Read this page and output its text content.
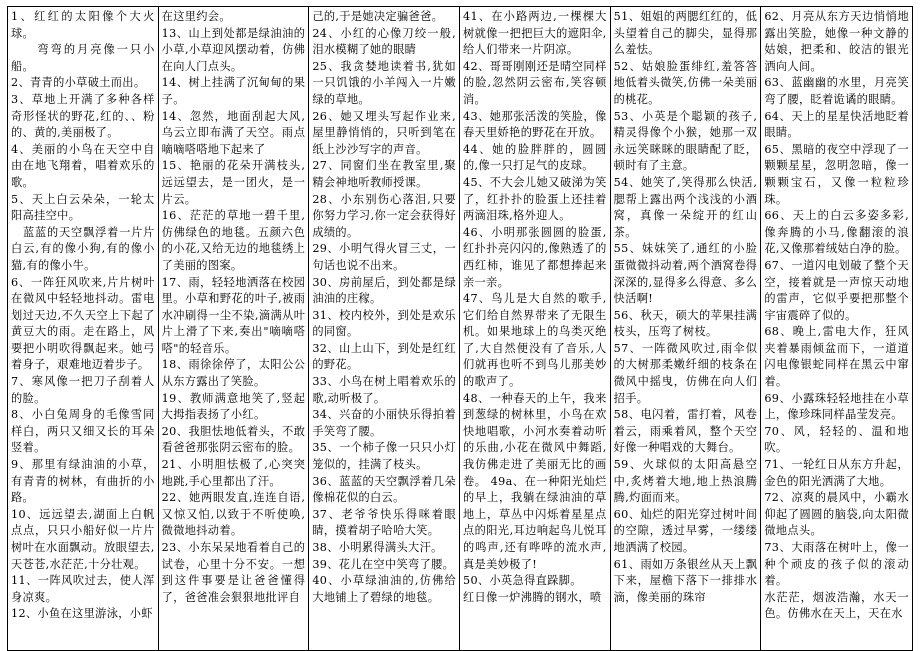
1、红红的太阳像个大火球。

　　弯弯的月亮像一只小船。

2、青青的小草破土而出。

3、草地上开满了多种各样奇形怪状的野花,红的、、粉的、黄的,美丽极了。

4、美丽的小鸟在天空中自由在地飞翔着，唱着欢乐的歌。

5、天上白云朵朵，一轮太阳高挂空中。

　蓝蓝的天空飘浮着一片片白云,有的像小狗,有的像小猫,有的像小牛。

6、一阵狂风吹来,片片树叶在微风中轻轻地抖动。雷电划过天边,不久天空上下起了黄豆大的雨。走在路上，风要把小明吹得飘起来。她弓着身子，艰难地迈着步子。

7、寒风像一把刀子刮着人的脸。

8、小白兔周身的毛像雪同样白，两只又细又长的耳朵竖着。

9、那里有绿油油的小草，有青青的树林，有曲折的小路。

10、远远望去,湖面上白帆点点，只只小船好似一片片树叶在水面飘动。放眼望去,天苍苍,水茫茫,十分壮观。

11、一阵风吹过去，使人浑身凉爽。

12、小鱼在这里游泳，小虾

在这里约会。

13、山上到处都是绿油油的小草,小草迎风摆动着，仿佛在向人门点头。

14、树上挂满了沉甸甸的果子。

14、忽然，地面刮起大风,乌云立即布满了天空。雨点嘀嘀嗒嗒地下起来了

15、艳丽的花朵开满枝头,远远望去，是一团火，是一片云。

16、茫茫的草地一碧千里,仿佛绿色的地毯。五颜六色的小花,又给无边的地毯绣上了美丽的图案。

17、雨，轻轻地洒落在校园里。小草和野花的叶子,被雨水冲刷得一尘不染,滴满从叶片上滑了下来,奏出"嘀嘀嗒嗒"的轻音乐。

18、雨徐徐停了，太阳公公从东方露出了笑脸。

19、教师满意地笑了,竖起大拇指表扬了小红。

20、我胆怯地低着头，不敢看爸爸那张阴云密布的脸。

21、小明胆怯极了,心突突地跳,手心里都出了汗。

22、她两眼发直,连连自语,又惊又怕,以致于不听使唤,微微地抖动着。

23、小东呆呆地看着自己的试卷，心里十分不安。一想到这件事要是让爸爸懂得了，爸爸准会狠狠地批评自

己的,于是她决定骗爸爸。

24、小红的心像刀绞一般,泪水模糊了她的眼睛

25、我贪婪地读着书,犹如一只饥饿的小羊闯入一片嫩绿的草地。

26、她又埋头写起作业来,屋里静悄悄的，只听到笔在纸上沙沙写字的声音。

27、同窗们坐在教室里,聚精会神地听教师授课。

28、小东别伤心落泪,只要你努力学习,你一定会获得好成绩的。

29、小明气得火冒三丈，一句话也说不出来。

30、房前屋后，到处都是绿油油的庄稼。

31、校内校外，到处是欢乐的同窗。

32、山上山下，到处是红红的野花。

33、小鸟在树上唱着欢乐的歌,动听极了。

34、兴奋的小丽快乐得拍着手笑弯了腰。

35、一个柿子像一只只小灯笼似的，挂满了枝头。

36、蓝蓝的天空飘浮着几朵像棉花似的白云。

37、老爷爷快乐得咪着眼睛，摸着胡子哈哈大笑。

38、小明累得满头大汗。

39、花儿在空中笑弯了腰。

40、小草绿油油的,仿佛给大地铺上了碧绿的地毯。

41、在小路两边,一棵棵大树就像一把把巨大的遮阳伞,给人们带来一片阴凉。

42、哥哥刚刚还是晴空同样的脸,忽然阴云密布,笑容顿消。

43、她那张活泼的笑脸，像春天里娇艳的野花在开放。

44、她的脸胖胖的，圆圆的,像一只打足气的皮球。

45、不大会儿她又破涕为笑了，红扑扑的脸蛋上还挂着两滴泪珠,格外迎人。

46、小明那张圆圆的脸蛋,红扑扑亮闪闪的,像熟透了的西红柿，谁见了都想捧起来亲一亲。

47、鸟儿是大自然的歌手,它们给自然界带来了无限生机。如果地球上的鸟类灭绝了,大自然便没有了音乐,人们就再也听不到鸟儿那美妙的歌声了。

48、一种春天的上午，我来到葱绿的树林里，小鸟在欢快地唱歌，小河水奏着动听的乐曲,小花在微风中舞蹈,我仿佛走进了美丽无比的画卷。 49a、在一种阳光灿烂的早上，我躺在绿油油的草地上，草丛中闪烁着星星点点的阳光,耳边响起鸟儿悦耳的鸣声,还有哗哗的流水声,真是美妙极了!

50、小英急得直跺脚。

红日像一炉沸腾的钢水，喷

51、姐姐的两腮红红的，低头望着自己的脚尖，显得那么羞怯。

52、姑娘脸蛋绯红,羞答答地低着头微笑,仿佛一朵美丽的桃花。

53、小英是个聪颖的孩子,精灵得像个小猴，她那一双永远笑眯眯的眼睛配了眨，顿时有了主意。

54、她笑了,笑得那么快活,腮帮上露出两个浅浅的小酒窝，真像一朵绽开的红山茶。

55、妹妹笑了,通红的小脸蛋微微抖动着,两个酒窝卷得深深的,显得多么得意、多么快活啊!

56、秋天，硕大的苹果挂满枝头，压弯了树枝。

57、一阵微风吹过,雨伞似的大树那柔嫩纤细的枝条在微风中摇曳，仿佛在向人们招手。

58、电闪着，雷打着，风卷着云，雨乘着风，整个天空好像一种唱戏的大舞台。

59、火球似的太阳高悬空中,炙烤着大地,地上热浪腾腾,灼面而来。

60、灿烂的阳光穿过树叶间的空隙，透过早雾，一缕缕地洒满了校园。

61、雨如万条银丝从天上飘下来，屋檐下落下一排排水滴，像美丽的珠帘

62、月亮从东方天边悄悄地露出笑脸，她像一种文静的姑娘，把柔和、皎洁的银光洒向人间。

63、蓝幽幽的水里，月亮笑弯了腰，眨着诡谲的眼睛。

64、天上的星星快活地眨着眼睛。

65、黑暗的夜空中浮现了一颗颗星星，忽明忽暗，像一颗颗宝石，又像一粒粒珍珠。

66、天上的白云多姿多彩,像奔腾的小马,像翻滚的浪花,又像那着绒姑白净的脸。

67、一道闪电划破了整个天空，接着就是一声惊天动地的雷声，它似乎要把那整个宇宙震碎了似的。

68、晚上,雷电大作，狂风夹着暴雨倾盆而下，一道道闪电像银蛇同样在黑云中窜着。

69、小露珠轻轻地挂在小草上，像珍珠同样晶莹发亮。

70、风，轻轻的、温和地吹。

71、一轮红日从东方升起，金色的阳光洒满了大地。

72、凉爽的晨风中，小霸水仰起了圆圆的脑袋,向太阳微微地点头。

73、大雨落在树叶上，像一种个顽皮的孩子似的滚动着。

水茫茫，烟波浩瀚，水天一色。仿佛水在天上，天在水
